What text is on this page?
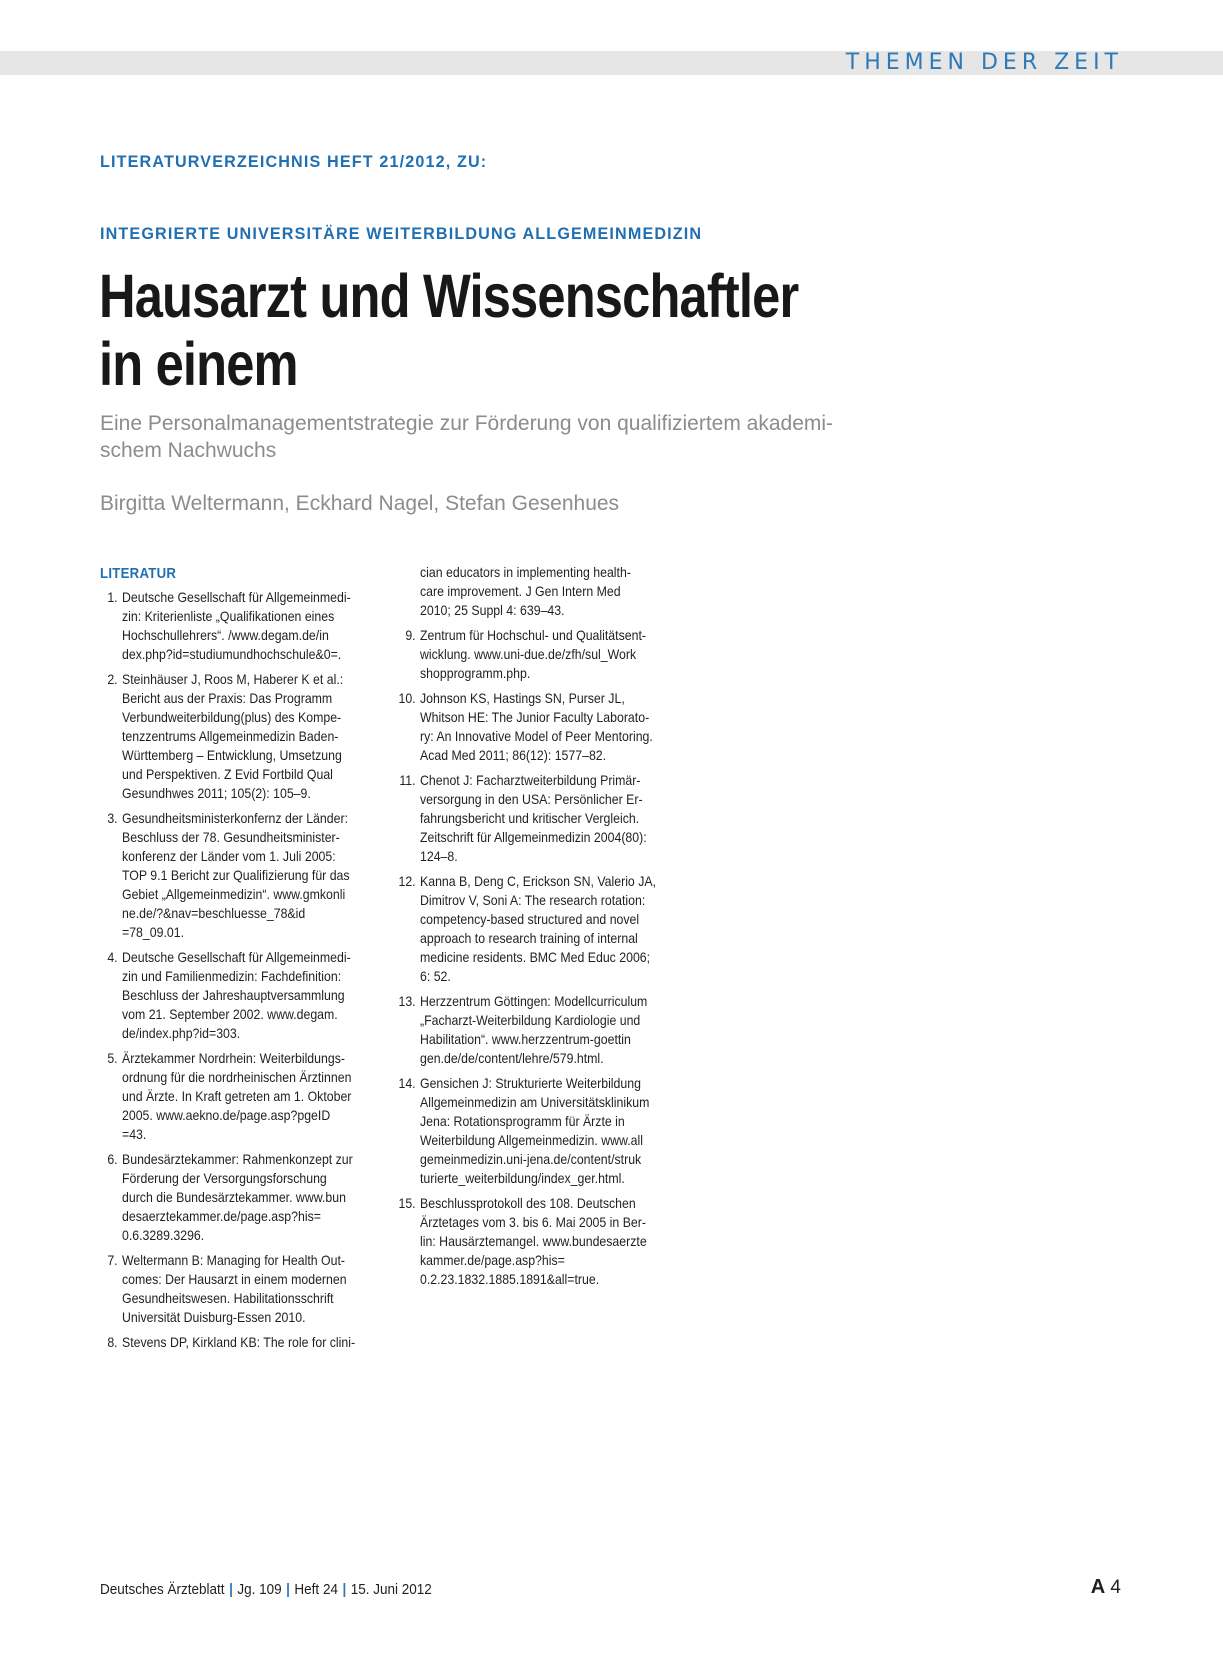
THEMEN DER ZEIT
LITERATURVERZEICHNIS HEFT 21/2012, ZU:
INTEGRIERTE UNIVERSITÄRE WEITERBILDUNG ALLGEMEINMEDIZIN
Hausarzt und Wissenschaftler
in einem
Eine Personalmanagementstrategie zur Förderung von qualifiziertem akademi-
schem Nachwuchs
Birgitta Weltermann, Eckhard Nagel, Stefan Gesenhues
LITERATUR
1. Deutsche Gesellschaft für Allgemeinmedi-
zin: Kriterienliste „Qualifikationen eines
Hochschullehrers“. /www.degam.de/in
dex.php?id=studiumundhochschule&0=.
2. Steinhäuser J, Roos M, Haberer K et al.:
Bericht aus der Praxis: Das Programm
Verbundweiterbildung(plus) des Kompe-
tenzzentrums Allgemeinmedizin Baden-
Württemberg – Entwicklung, Umsetzung
und Perspektiven. Z Evid Fortbild Qual
Gesundhwes 2011; 105(2): 105–9.
3. Gesundheitsministerkonfernz der Länder:
Beschluss der 78. Gesundheitsminister-
konferenz der Länder vom 1. Juli 2005:
TOP 9.1 Bericht zur Qualifizierung für das
Gebiet „Allgemeinmedizin“. www.gmkonli
ne.de/?&nav=beschluesse_78&id
=78_09.01.
4. Deutsche Gesellschaft für Allgemeinmedi-
zin und Familienmedizin: Fachdefinition:
Beschluss der Jahreshauptversammlung
vom 21. September 2002. www.degam.
de/index.php?id=303.
5. Ärztekammer Nordrhein: Weiterbildungs-
ordnung für die nordrheinischen Ärztinnen
und Ärzte. In Kraft getreten am 1. Oktober
2005. www.aekno.de/page.asp?pgeID
=43.
6. Bundesärztekammer: Rahmenkonzept zur
Förderung der Versorgungsforschung
durch die Bundesärztekammer. www.bun
desaerztekammer.de/page.asp?his=
0.6.3289.3296.
7. Weltermann B: Managing for Health Out-
comes: Der Hausarzt in einem modernen
Gesundheitswesen. Habilitationsschrift
Universität Duisburg-Essen 2010.
8. Stevens DP, Kirkland KB: The role for clini-
cian educators in implementing health-
care improvement. J Gen Intern Med
2010; 25 Suppl 4: 639–43.
9. Zentrum für Hochschul- und Qualitätsent-
wicklung. www.uni-due.de/zfh/sul_Work
shopprogramm.php.
10. Johnson KS, Hastings SN, Purser JL,
Whitson HE: The Junior Faculty Laborato-
ry: An Innovative Model of Peer Mentoring.
Acad Med 2011; 86(12): 1577–82.
11. Chenot J: Facharztweiterbildung Primär-
versorgung in den USA: Persönlicher Er-
fahrungsbericht und kritischer Vergleich.
Zeitschrift für Allgemeinmedizin 2004(80):
124–8.
12. Kanna B, Deng C, Erickson SN, Valerio JA,
Dimitrov V, Soni A: The research rotation:
competency-based structured and novel
approach to research training of internal
medicine residents. BMC Med Educ 2006;
6: 52.
13. Herzzentrum Göttingen: Modellcurriculum
„Facharzt-Weiterbildung Kardiologie und
Habilitation“. www.herzzentrum-goettin
gen.de/de/content/lehre/579.html.
14. Gensichen J: Strukturierte Weiterbildung
Allgemeinmedizin am Universitätsklinikum
Jena: Rotationsprogramm für Ärzte in
Weiterbildung Allgemeinmedizin. www.all
gemeinmedizin.uni-jena.de/content/struk
turierte_weiterbildung/index_ger.html.
15. Beschlussprotokoll des 108. Deutschen
Ärztetages vom 3. bis 6. Mai 2005 in Ber-
lin: Hausärztemangel. www.bundesaerzte
kammer.de/page.asp?his=
0.2.23.1832.1885.1891&all=true.
Deutsches Ärzteblatt | Jg. 109 | Heft 24 | 15. Juni 2012	A 4
